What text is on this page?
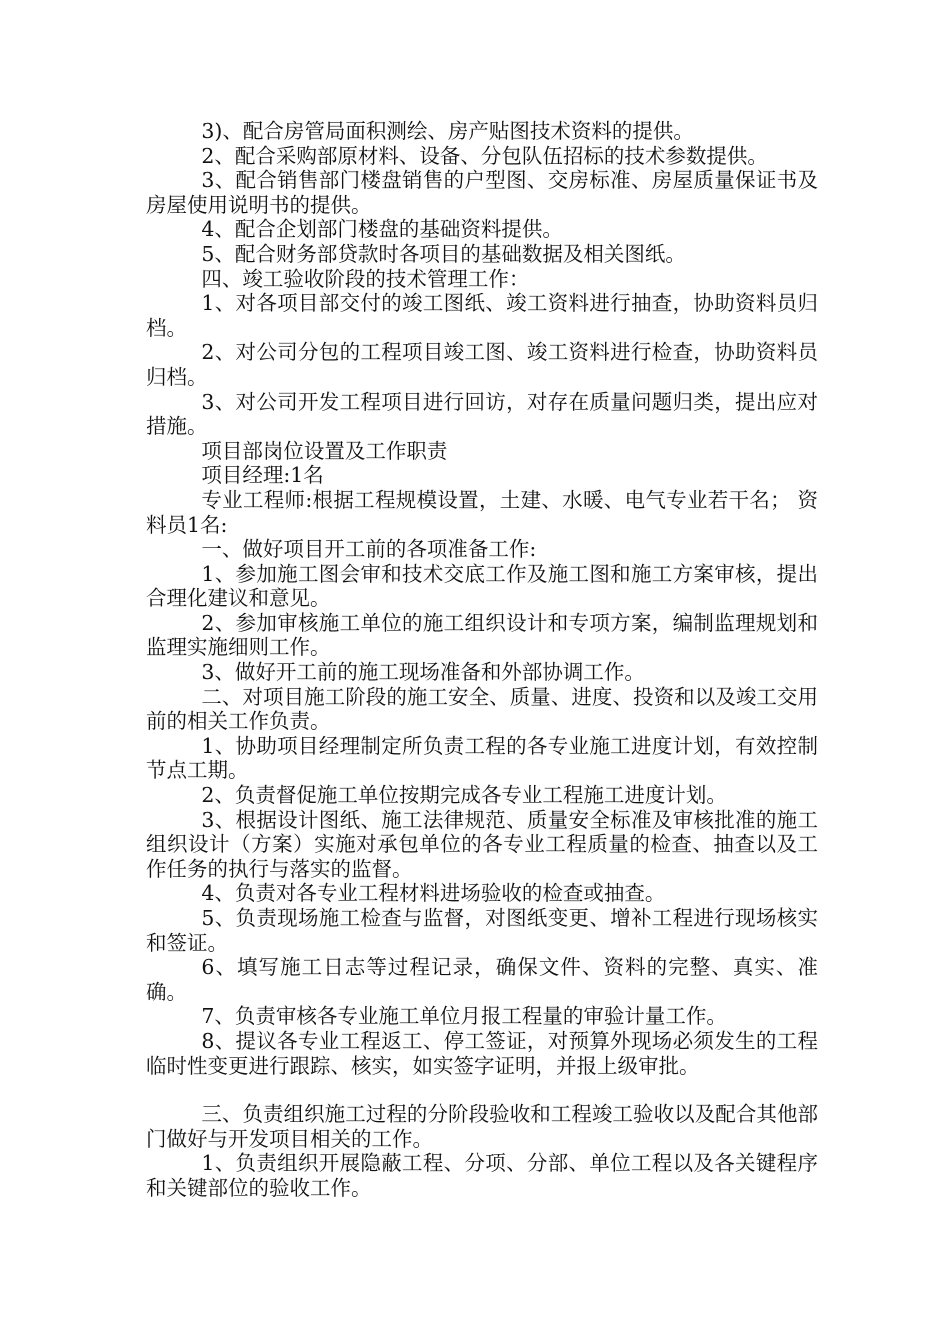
3)、配合房管局面积测绘、房产贴图技术资料的提供。

2、配合采购部原材料、设备、分包队伍招标的技术参数提供。

3、配合销售部门楼盘销售的户型图、交房标准、房屋质量保证书及房屋使用说明书的提供。

4、配合企划部门楼盘的基础资料提供。

5、配合财务部贷款时各项目的基础数据及相关图纸。

四、竣工验收阶段的技术管理工作：

1、对各项目部交付的竣工图纸、竣工资料进行抽查，协助资料员归档。

2、对公司分包的工程项目竣工图、竣工资料进行检查，协助资料员归档。

3、对公司开发工程项目进行回访，对存在质量问题归类，提出应对措施。

项目部岗位设置及工作职责

项目经理:1名

专业工程师:根据工程规模设置，土建、水暖、电气专业若干名； 资料员1名:

一、做好项目开工前的各项准备工作:

1、参加施工图会审和技术交底工作及施工图和施工方案审核，提出合理化建议和意见。

2、参加审核施工单位的施工组织设计和专项方案，编制监理规划和监理实施细则工作。

3、做好开工前的施工现场准备和外部协调工作。

二、对项目施工阶段的施工安全、质量、进度、投资和以及竣工交用前的相关工作负责。

1、协助项目经理制定所负责工程的各专业施工进度计划，有效控制节点工期。

2、负责督促施工单位按期完成各专业工程施工进度计划。

3、根据设计图纸、施工法律规范、质量安全标准及审核批准的施工组织设计（方案）实施对承包单位的各专业工程质量的检查、抽查以及工作任务的执行与落实的监督。

4、负责对各专业工程材料进场验收的检查或抽查。

5、负责现场施工检查与监督，对图纸变更、增补工程进行现场核实和签证。

6、填写施工日志等过程记录，确保文件、资料的完整、真实、准确。

7、负责审核各专业施工单位月报工程量的审验计量工作。

8、提议各专业工程返工、停工签证，对预算外现场必须发生的工程临时性变更进行跟踪、核实，如实签字证明，并报上级审批。

三、负责组织施工过程的分阶段验收和工程竣工验收以及配合其他部门做好与开发项目相关的工作。

1、负责组织开展隐蔽工程、分项、分部、单位工程以及各关键程序和关键部位的验收工作。
